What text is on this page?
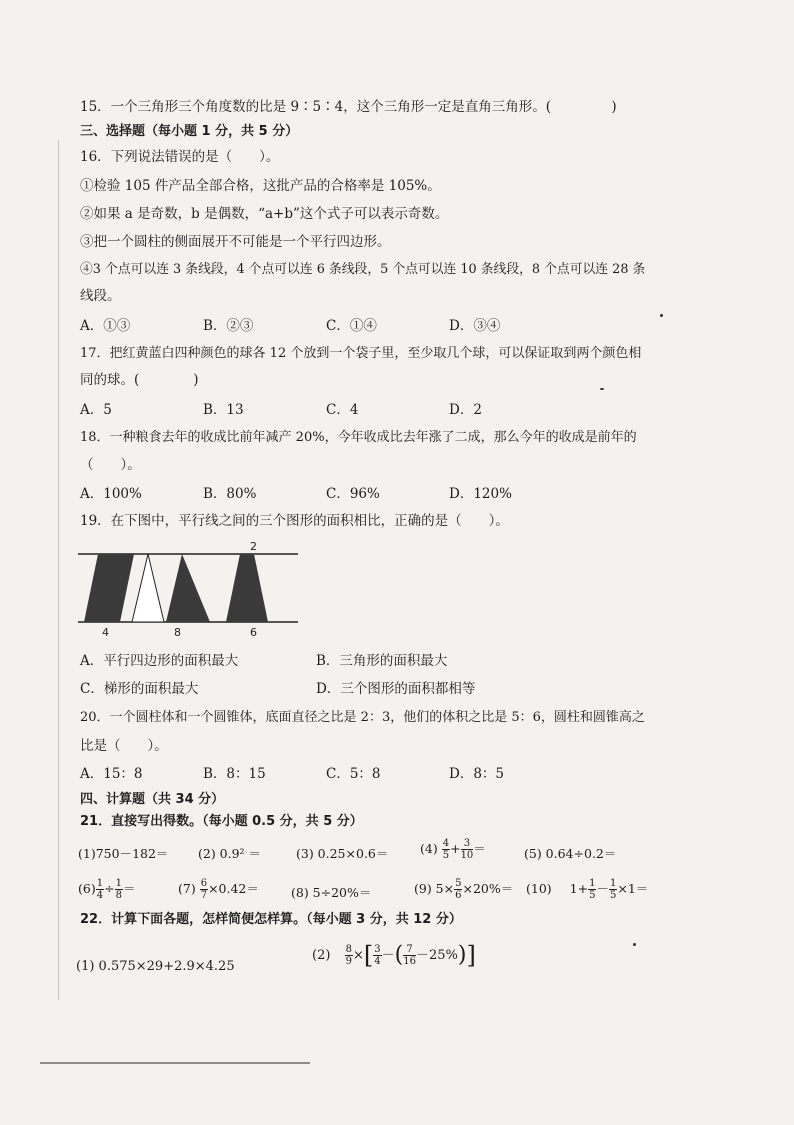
15．一个三角形三个角度数的比是 9∶5∶4，这个三角形一定是直角三角形。(	)
三、选择题（每小题 1 分，共 5 分）
16．下列说法错误的是（　　）。
①检验 105 件产品全部合格，这批产品的合格率是 105%。
②如果 a 是奇数，b 是偶数，“a+b”这个式子可以表示奇数。
③把一个圆柱的侧面展开不可能是一个平行四边形。
④3 个点可以连 3 条线段，4 个点可以连 6 条线段，5 个点可以连 10 条线段，8 个点可以连 28 条
线段。
A．①③	B．②③	C．①④	D．③④
17．把红黄蓝白四种颜色的球各 12 个放到一个袋子里，至少取几个球，可以保证取到两个颜色相
同的球。(　　　　)
A．5	B．13	C．4	D．2
18．一种粮食去年的收成比前年减产 20%，今年收成比去年涨了二成，那么今年的收成是前年的
（　　）。
A．100%	B．80%	C．96%	D．120%
19．在下图中，平行线之间的三个图形的面积相比，正确的是（　　）。
2
4	8	6
A．平行四边形的面积最大	B．三角形的面积最大
C．梯形的面积最大	D．三个图形的面积都相等
20．一个圆柱体和一个圆锥体，底面直径之比是 2：3，他们的体积之比是 5：6，圆柱和圆锥高之
比是（　　）。
A．15：8	B．8：15	C．5：8	D．8：5
四、计算题（共 34 分）
21．直接写出得数。（每小题 0.5 分，共 5 分）
(1)750－182＝ (2) 0.9² ＝	(3) 0.25×0.6＝	$(4) \frac{4}{5} + \frac{3}{10}$ ＝	(5) 0.64÷0.2＝
$(6) \frac{1}{4} \div \frac{1}{8}$ ＝	$(7) \frac{6}{7} \times 0.42=$	(8) 5÷20%＝	(9) $5\times \frac{5}{6} \times 20\%= (10)$ $1+ \frac{1}{5} - \frac{1}{5} \times 1=$
22．计算下面各题，怎样简便怎样算。（每小题 3 分，共 12 分）
(1) 0.575×29+2.9×4.25
$(2) \frac{8}{9}$ ×[ $\frac{3}{4}$ －( $\frac{7}{16} -25\%$)]
